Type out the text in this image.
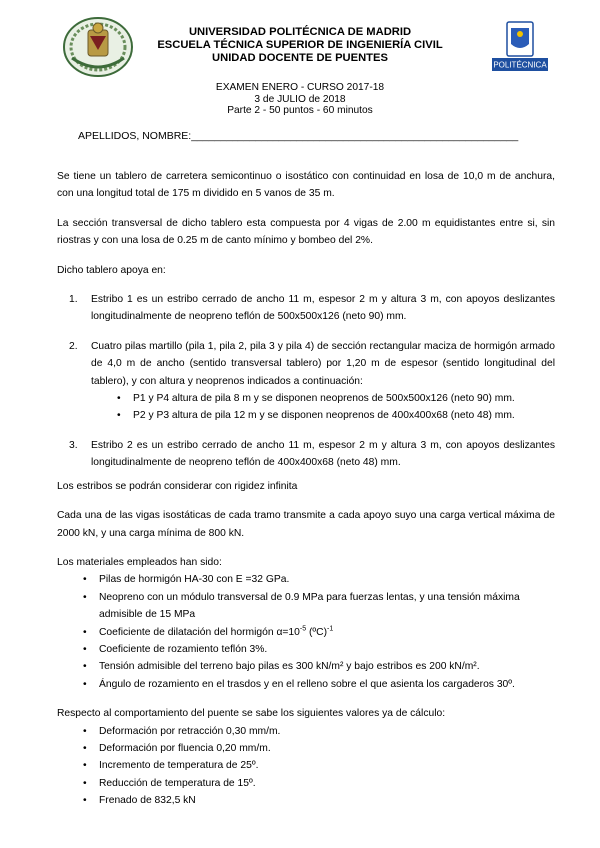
POLITÉCNICA
UNIVERSIDAD POLITÉCNICA DE MADRID
ESCUELA TÉCNICA SUPERIOR DE INGENIERÍA CIVIL
UNIDAD DOCENTE DE PUENTES
EXAMEN ENERO - CURSO 2017-18
3 de JULIO de 2018
Parte 2 - 50 puntos - 60 minutos
APELLIDOS, NOMBRE:________________________________________________________

Se tiene un tablero de carretera semicontinuo o isostático con continuidad en losa de 10,0 m de anchura, con una longitud total de 175 m dividido en 5 vanos de 35 m.

La sección transversal de dicho tablero esta compuesta por 4 vigas de 2.00 m equidistantes entre si, sin riostras y con una losa de 0.25 m de canto mínimo y bombeo del 2%.

Dicho tablero apoya en:

1. Estribo 1 es un estribo cerrado de ancho 11 m, espesor 2 m y altura 3 m, con apoyos deslizantes longitudinalmente de neopreno teflón de 500x500x126 (neto 90) mm.
2. Cuatro pilas martillo (pila 1, pila 2, pila 3 y pila 4) de sección rectangular maciza de hormigón armado de 4,0 m de ancho (sentido transversal tablero) por 1,20 m de espesor (sentido longitudinal del tablero), y con altura y neoprenos indicados a continuación:
• P1 y P4 altura de pila 8 m y se disponen neoprenos de 500x500x126 (neto 90) mm.
• P2 y P3 altura de pila 12 m y se disponen neoprenos de 400x400x68 (neto 48) mm.
3. Estribo 2 es un estribo cerrado de ancho 11 m, espesor 2 m y altura 3 m, con apoyos deslizantes longitudinalmente de neopreno teflón de 400x400x68 (neto 48) mm.

Los estribos se podrán considerar con rigidez infinita

Cada una de las vigas isostáticas de cada tramo transmite a cada apoyo suyo una carga vertical máxima de 2000 kN, y una carga mínima de 800 kN.

Los materiales empleados han sido:

• Pilas de hormigón HA-30 con E =32 GPa.
• Neopreno con un módulo transversal de 0.9 MPa para fuerzas lentas, y una tensión máxima admisible de 15 MPa
• Coeficiente de dilatación del hormigón $\alpha=10^{-5}$ (ºC)$^{-1}$
• Coeficiente de rozamiento teflón 3%.
• Tensión admisible del terreno bajo pilas es 300 kN/m² y bajo estribos es 200 kN/m².
• Ángulo de rozamiento en el trasdos y en el relleno sobre el que asienta los cargaderos 30º.

Respecto al comportamiento del puente se sabe los siguientes valores ya de cálculo:

• Deformación por retracción 0,30 mm/m.
• Deformación por fluencia 0,20 mm/m.
• Incremento de temperatura de 25º.
• Reducción de temperatura de 15º.
• Frenado de 832,5 kN
